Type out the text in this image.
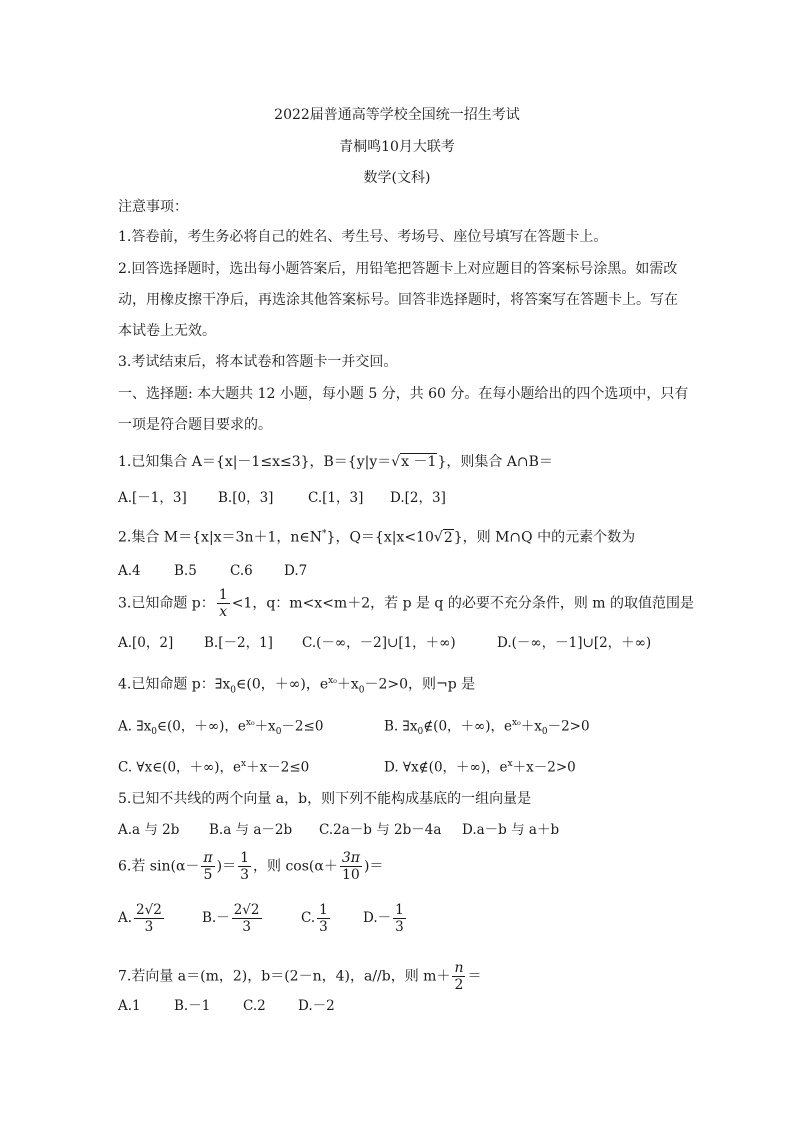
2022届普通高等学校全国统一招生考试
青桐鸣10月大联考
数学(文科)
注意事项：
1.答卷前，考生务必将自己的姓名、考生号、考场号、座位号填写在答题卡上。
2.回答选择题时，选出每小题答案后，用铅笔把答题卡上对应题目的答案标号涂黑。如需改
动，用橡皮擦干净后，再选涂其他答案标号。回答非选择题时，将答案写在答题卡上。写在
本试卷上无效。
3.考试结束后，将本试卷和答题卡一并交回。
一、选择题: 本大题共 12 小题，每小题 5 分，共 60 分。在每小题给出的四个选项中，只有
一项是符合题目要求的。
1.已知集合 A＝{x|－1≤x≤3}，B＝{y|y＝√x －1}，则集合 A∩B＝
A.[－1，3] B.[0，3]	C.[1，3] D.[2，3]
2.集合 M＝{x|x＝3n＋1，n∈N*}，Q＝{x|x<10√2}，则 M∩Q 中的元素个数为
A.4 B.5 C.6 D.7
3.已知命题 p： $\frac{1}{x} <1$，q：m<x<m＋2，若 p 是 q 的必要不充分条件，则 m 的取值范围是
A.[0，2] B.[－2，1] C.(－∞，－2]∪[1，＋∞)	D.(－∞，－1]∪[2，＋∞)
4.已知命题 p：$\exists x_0\in(0$，＋∞)，$e^{x_0}+x_0-2>0$，则¬p 是
A. $\exists x_0\in(0$，＋∞)，$e^{x_0}+x_0-2\le 0$	B. $\exists x_0\notin(0$，＋∞)，$e^{x_0}+x_0-2>0$
C. ∀x∈(0，＋∞)，$e^x+x-2\le 0$	D. ∀x∉(0，＋∞)，$e^x+x-2>0$
5.已知不共线的两个向量 a，b，则下列不能构成基底的一组向量是
A.a 与 2b B.a 与 a－2b C.2a－b 与 2b－4a D.a－b 与 a＋b
6.若 $\sin(\alpha- \frac{\pi}{5}$ )＝ $\frac{1}{3}$ ，则 $\cos(\alpha+ \frac{3\pi}{10}$ )＝
A. $\frac{2√2}{3}$	$B.- \frac{2√2}{3}$	C. $\frac{1}{3} D.- \frac{1}{3}$
7.若向量 a＝(m，2)，b＝(2－n，4)，a//b，则 $m+ \frac{n}{2}$ ＝
A.1 B.－1 C.2 D.－2
